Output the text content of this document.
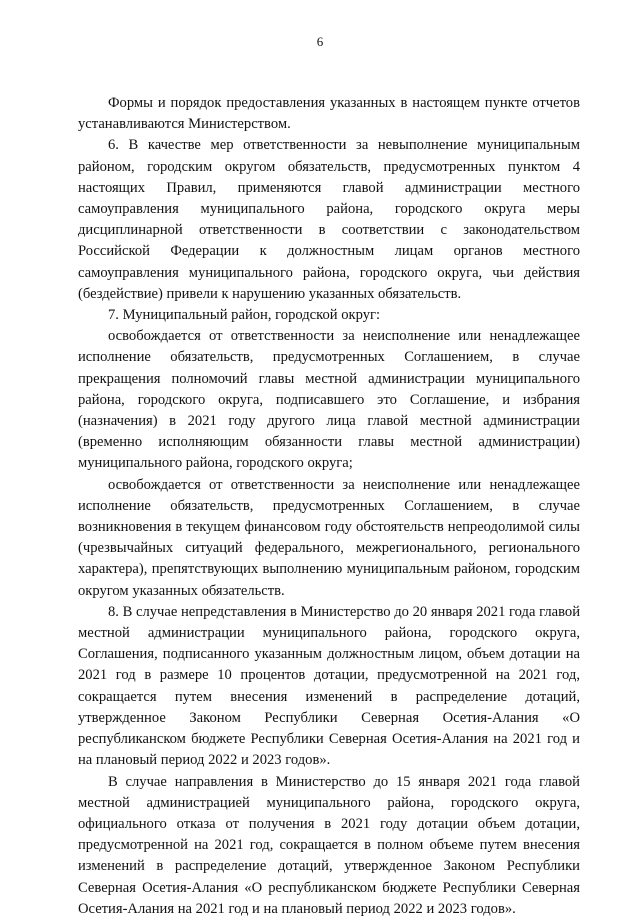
6

Формы и порядок предоставления указанных в настоящем пункте отчетов устанавливаются Министерством.

6. В качестве мер ответственности за невыполнение муниципальным районом, городским округом обязательств, предусмотренных пунктом 4 настоящих Правил, применяются главой администрации местного самоуправления муниципального района, городского округа меры дисциплинарной ответственности в соответствии с законодательством Российской Федерации к должностным лицам органов местного самоуправления муниципального района, городского округа, чьи действия (бездействие) привели к нарушению указанных обязательств.

7. Муниципальный район, городской округ:

освобождается от ответственности за неисполнение или ненадлежащее исполнение обязательств, предусмотренных Соглашением, в случае прекращения полномочий главы местной администрации муниципального района, городского округа, подписавшего это Соглашение, и избрания (назначения) в 2021 году другого лица главой местной администрации (временно исполняющим обязанности главы местной администрации) муниципального района, городского округа;

освобождается от ответственности за неисполнение или ненадлежащее исполнение обязательств, предусмотренных Соглашением, в случае возникновения в текущем финансовом году обстоятельств непреодолимой силы (чрезвычайных ситуаций федерального, межрегионального, регионального характера), препятствующих выполнению муниципальным районом, городским округом указанных обязательств.

8. В случае непредставления в Министерство до 20 января 2021 года главой местной администрации муниципального района, городского округа, Соглашения, подписанного указанным должностным лицом, объем дотации на 2021 год в размере 10 процентов дотации, предусмотренной на 2021 год, сокращается путем внесения изменений в распределение дотаций, утвержденное Законом Республики Северная Осетия-Алания «О республиканском бюджете Республики Северная Осетия-Алания на 2021 год и на плановый период 2022 и 2023 годов».

В случае направления в Министерство до 15 января 2021 года главой местной администрацией муниципального района, городского округа, официального отказа от получения в 2021 году дотации объем дотации, предусмотренной на 2021 год, сокращается в полном объеме путем внесения изменений в распределение дотаций, утвержденное Законом Республики Северная Осетия-Алания «О республиканском бюджете Республики Северная Осетия-Алания на 2021 год и на плановый период 2022 и 2023 годов».
